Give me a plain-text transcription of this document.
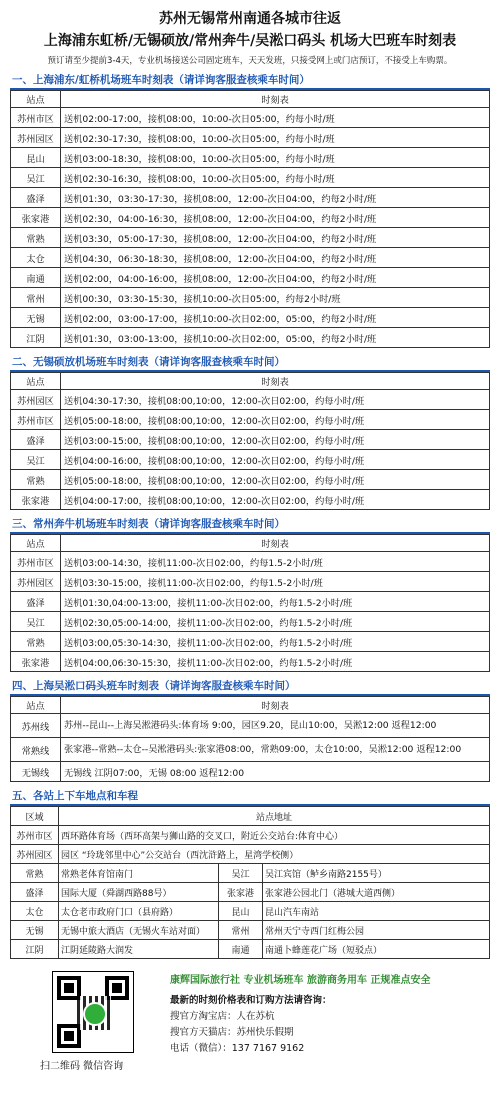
苏州无锡常州南通各城市往返
上海浦东虹桥/无锡硕放/常州奔牛/吴淞口码头 机场大巴班车时刻表
预订请至少提前3-4天，专业机场接送公司固定班车，天天发班，只接受网上或门店预订，不接受上车购票。
一、上海浦东/虹桥机场班车时刻表（请详询客服查核乘车时间）
站点	时刻表
苏州市区	送机02:00-17:00，接机08:00，10:00-次日05:00，约每小时/班
苏州园区	送机02:30-17:30，接机08:00，10:00-次日05:00，约每小时/班
昆山	送机03:00-18:30，接机08:00，10:00-次日05:00，约每小时/班
吴江	送机02:30-16:30，接机08:00，10:00-次日05:00，约每小时/班
盛泽	送机01:30，03:30-17:30，接机08:00，12:00-次日04:00，约每2小时/班
张家港	送机02:30，04:00-16:30，接机08:00，12:00-次日04:00，约每2小时/班
常熟	送机03:30，05:00-17:30，接机08:00，12:00-次日04:00，约每2小时/班
太仓	送机04:30，06:30-18:30，接机08:00，12:00-次日04:00，约每2小时/班
南通	送机02:00，04:00-16:00，接机08:00，12:00-次日04:00，约每2小时/班
常州	送机00:30，03:30-15:30，接机10:00-次日05:00，约每2小时/班
无锡	送机02:00，03:00-17:00，接机10:00-次日02:00，05:00，约每2小时/班
江阴	送机01:30，03:00-13:00，接机10:00-次日02:00，05:00，约每2小时/班
二、无锡硕放机场班车时刻表（请详询客服查核乘车时间）
站点	时刻表
苏州园区	送机04:30-17:30，接机08:00,10:00，12:00-次日02:00，约每小时/班
苏州市区	送机05:00-18:00，接机08:00,10:00，12:00-次日02:00，约每小时/班
盛泽	送机03:00-15:00，接机08:00,10:00，12:00-次日02:00，约每小时/班
吴江	送机04:00-16:00，接机08:00,10:00，12:00-次日02:00，约每小时/班
常熟	送机05:00-18:00，接机08:00,10:00，12:00-次日02:00，约每小时/班
张家港	送机04:00-17:00，接机08:00,10:00，12:00-次日02:00，约每小时/班
三、常州奔牛机场班车时刻表（请详询客服查核乘车时间）
站点	时刻表
苏州市区	送机03:00-14:30，接机11:00-次日02:00，约每1.5-2小时/班
苏州园区	送机03:30-15:00，接机11:00-次日02:00，约每1.5-2小时/班
盛泽	送机01:30,04:00-13:00，接机11:00-次日02:00，约每1.5-2小时/班
吴江	送机02:30,05:00-14:00，接机11:00-次日02:00，约每1.5-2小时/班
常熟	送机03:00,05:30-14:30，接机11:00-次日02:00，约每1.5-2小时/班
张家港	送机04:00,06:30-15:30，接机11:00-次日02:00，约每1.5-2小时/班
四、上海吴淞口码头班车时刻表（请详询客服查核乘车时间）
站点	时刻表
苏州线	苏州--昆山--上海吴淞港码头:体育场 9:00，园区9.20，昆山10:00，吴淞12:00 返程12:00
常熟线	张家港--常熟--太仓--吴淞港码头:张家港08:00，常熟09:00，太仓10:00，吴淞12:00 返程12:00
无锡线	无锡线 江阴07:00，无锡 08:00 返程12:00
五、各站上下车地点和车程
区域	站点地址		
苏州市区	西环路体育场（西环高架与狮山路的交叉口，附近公交站台:体育中心）		
苏州园区	园区 “玲珑邻里中心”公交站台（西沈浒路上，星湾学校侧）		
常熟	常熟老体育馆南门	吴江	吴江宾馆（鲈乡南路2155号）
盛泽	国际大厦（舜湖西路88号）	张家港	张家港公园北门（港城大道西侧）
太仓	太仓老市政府门口（县府路）	昆山	昆山汽车南站
无锡	无锡中旅大酒店（无锡火车站对面）	常州	常州天宁寺西门红梅公园
江阴	江阴延陵路大润发	南通	南通卜蜂莲花广场（短驳点）
扫二维码 微信咨询
康辉国际旅行社 专业机场班车 旅游商务用车 正规准点安全
最新的时刻价格表和订购方法请咨询：
搜官方淘宝店：人在苏杭
搜官方天猫店：苏州快乐假期
电话（微信）：137 7167 9162
